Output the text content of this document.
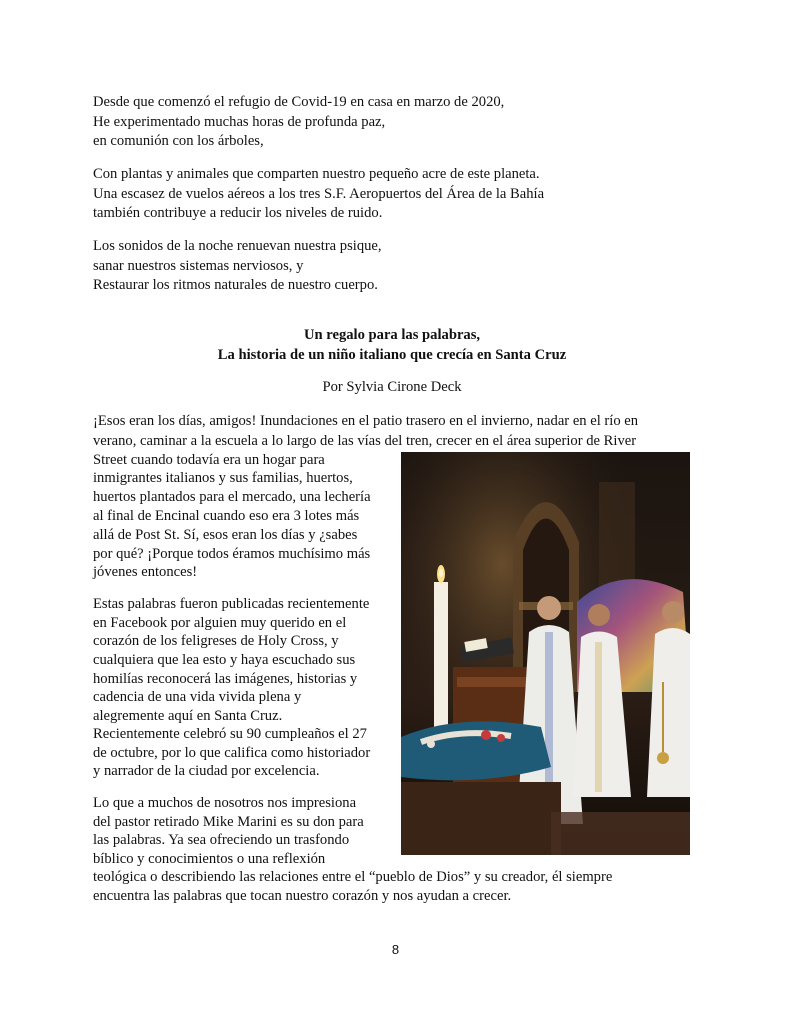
Desde que comenzó el refugio de Covid-19 en casa en marzo de 2020,
He experimentado muchas horas de profunda paz,
en comunión con los árboles,
Con plantas y animales que comparten nuestro pequeño acre de este planeta.
Una escasez de vuelos aéreos a los tres S.F. Aeropuertos del Área de la Bahía
también contribuye a reducir los niveles de ruido.
Los sonidos de la noche renuevan nuestra psique,
sanar nuestros sistemas nerviosos, y
Restaurar los ritmos naturales de nuestro cuerpo.
Un regalo para las palabras,
La historia de un niño italiano que crecía en Santa Cruz
Por Sylvia Cirone Deck
¡Esos eran los días, amigos! Inundaciones en el patio trasero en el invierno, nadar en el río en
verano, caminar a la escuela a lo largo de las vías del tren, crecer en el área superior de River
Street cuando todavía era un hogar para
inmigrantes italianos y sus familias, huertos,
huertos plantados para el mercado, una lechería
al final de Encinal cuando eso era 3 lotes más
allá de Post St. Sí, esos eran los días y ¿sabes
por qué? ¡Porque todos éramos muchísimo más
jóvenes entonces!
Estas palabras fueron publicadas recientemente
en Facebook por alguien muy querido en el
corazón de los feligreses de Holy Cross, y
cualquiera que lea esto y haya escuchado sus
homilías reconocerá las imágenes, historias y
cadencia de una vida vivida plena y
alegremente aquí en Santa Cruz.
Recientemente celebró su 90 cumpleaños el 27
de octubre, por lo que califica como historiador
y narrador de la ciudad por excelencia.
Lo que a muchos de nosotros nos impresiona
del pastor retirado Mike Marini es su don para
las palabras. Ya sea ofreciendo un trasfondo
bíblico y conocimientos o una reflexión
teológica o describiendo las relaciones entre el “pueblo de Dios” y su creador, él siempre
encuentra las palabras que tocan nuestro corazón y nos ayudan a crecer.
8
